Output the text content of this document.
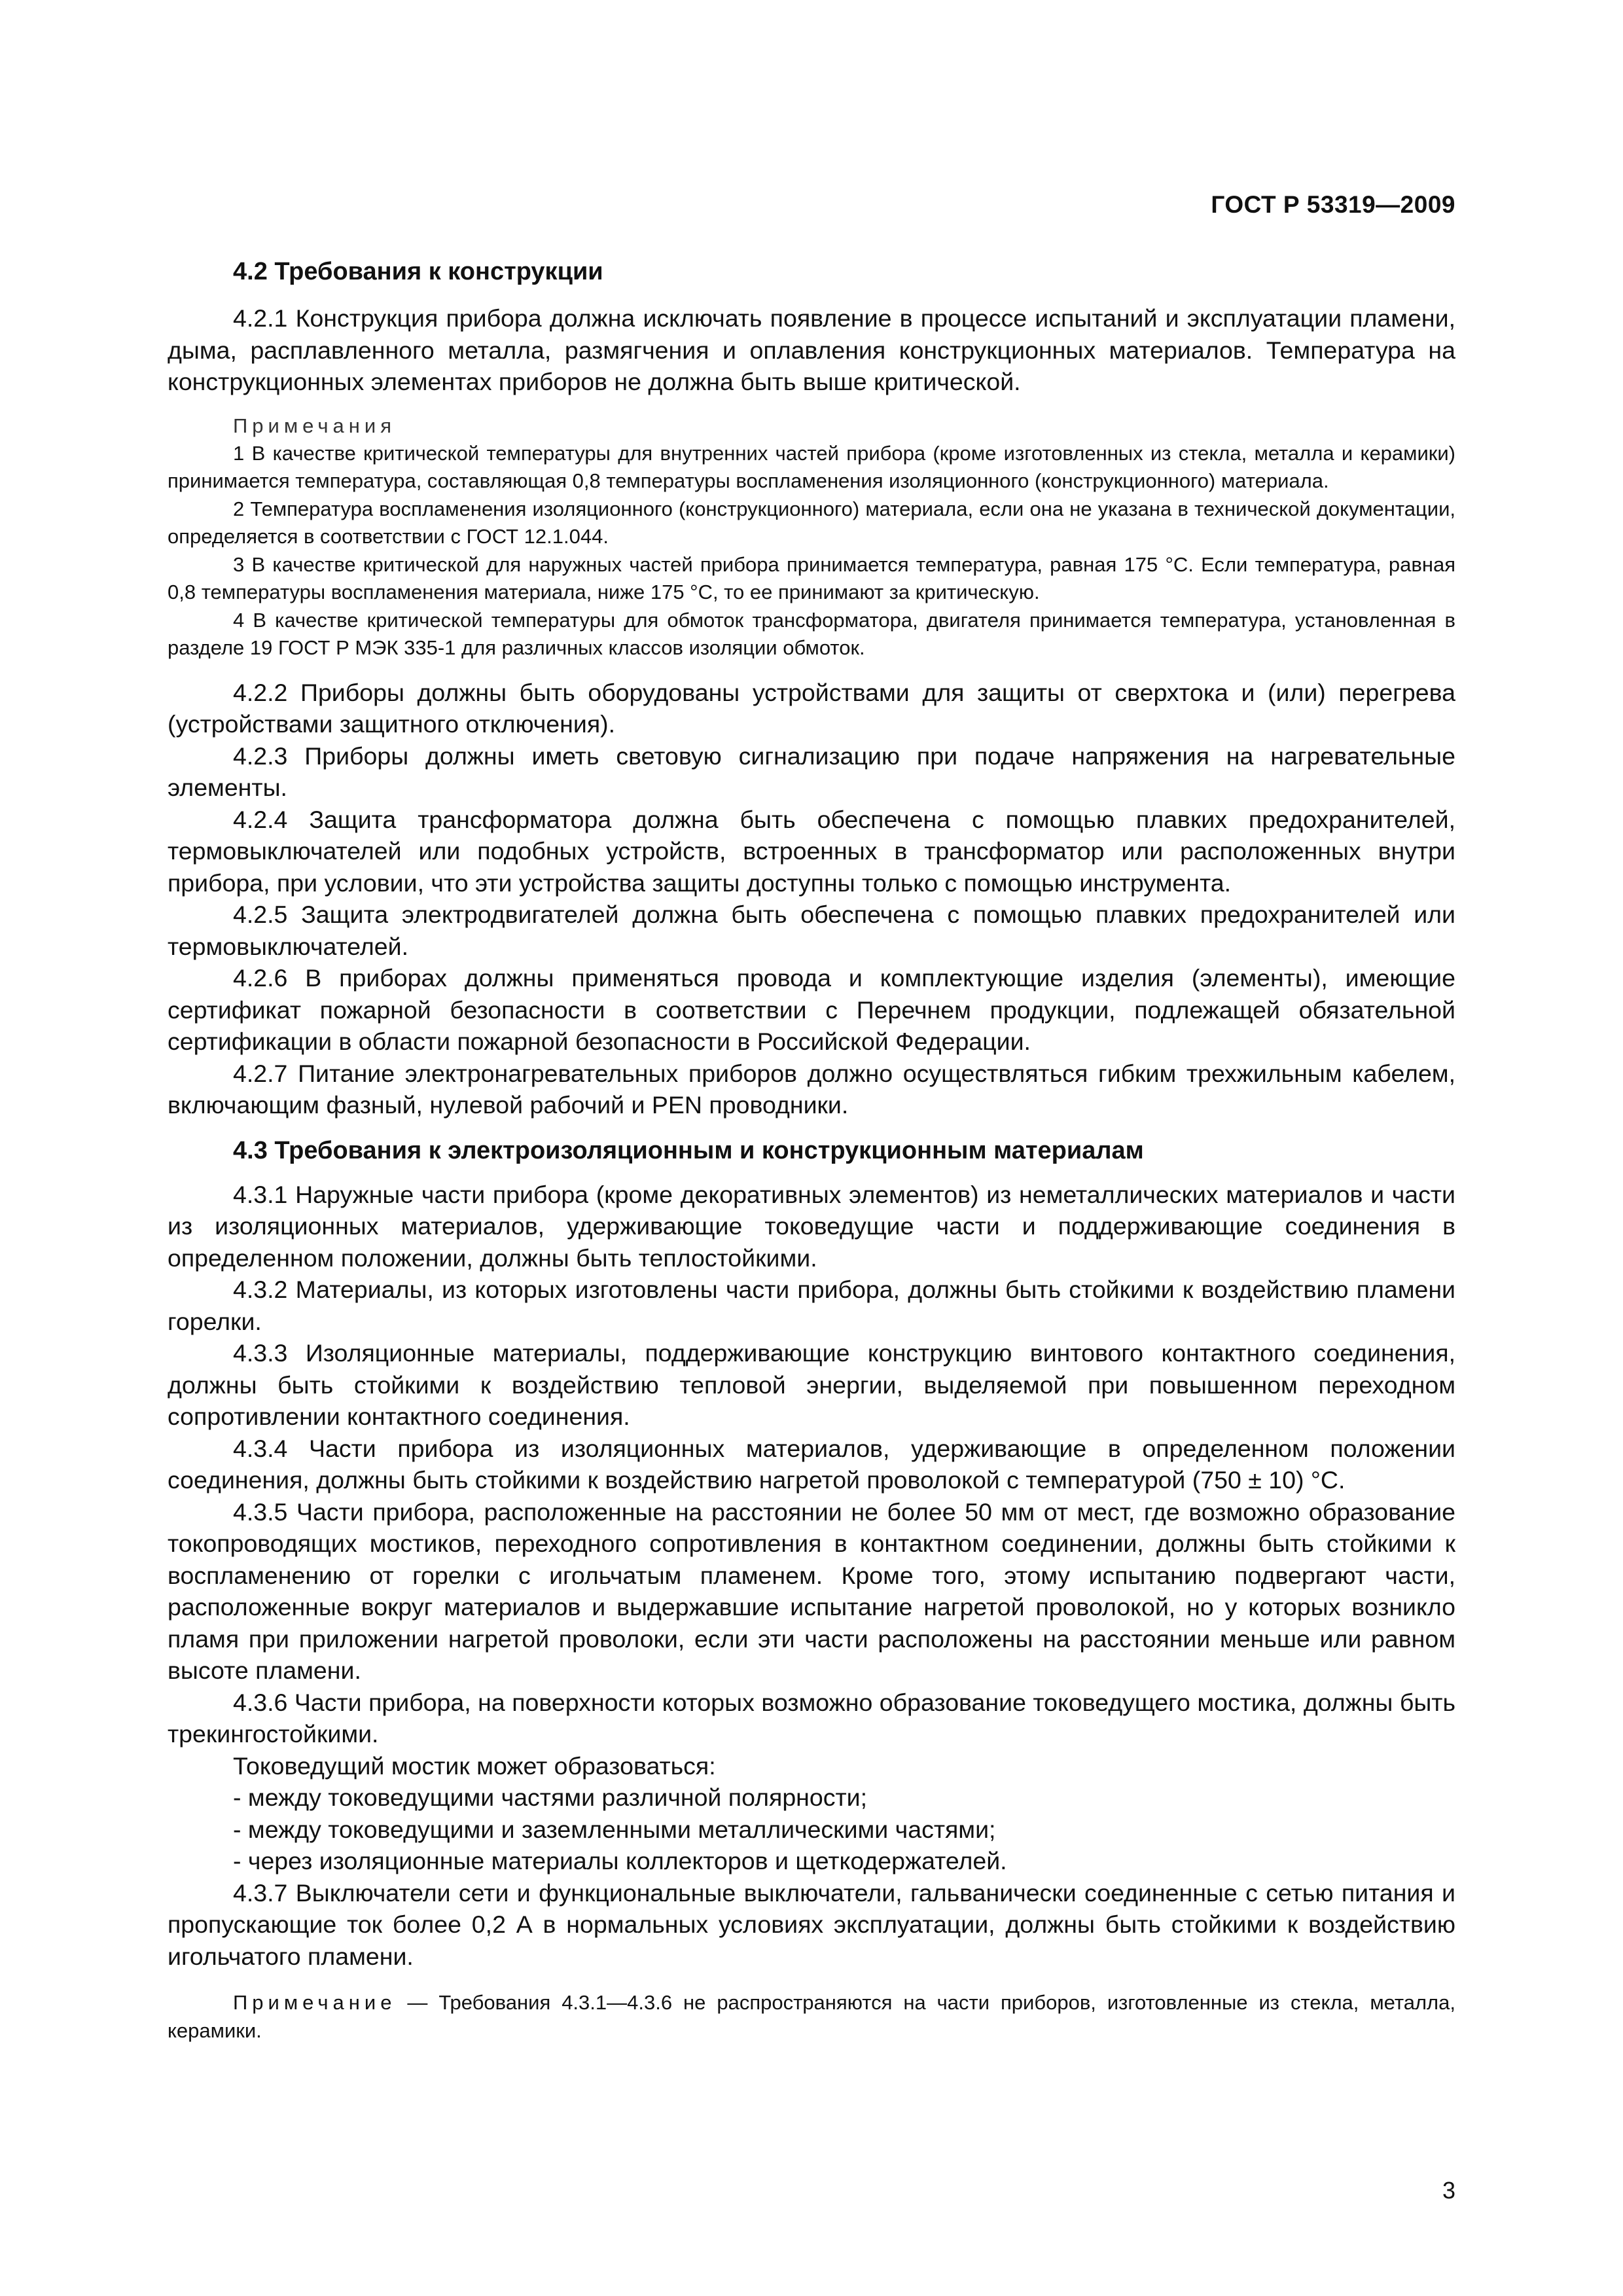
ГОСТ Р 53319—2009
4.2 Требования к конструкции

4.2.1 Конструкция прибора должна исключать появление в процессе испытаний и эксплуатации пламени, дыма, расплавленного металла, размягчения и оплавления конструкционных материалов. Температура на конструкционных элементах приборов не должна быть выше критической.

Примечания

1 В качестве критической температуры для внутренних частей прибора (кроме изготовленных из стекла, металла и керамики) принимается температура, составляющая 0,8 температуры воспламенения изоляционного (конструкционного) материала.

2 Температура воспламенения изоляционного (конструкционного) материала, если она не указана в технической документации, определяется в соответствии с ГОСТ 12.1.044.

3 В качестве критической для наружных частей прибора принимается температура, равная 175 °С. Если температура, равная 0,8 температуры воспламенения материала, ниже 175 °С, то ее принимают за критическую.

4 В качестве критической температуры для обмоток трансформатора, двигателя принимается температура, установленная в разделе 19 ГОСТ Р МЭК 335-1 для различных классов изоляции обмоток.

4.2.2 Приборы должны быть оборудованы устройствами для защиты от сверхтока и (или) перегрева (устройствами защитного отключения).

4.2.3 Приборы должны иметь световую сигнализацию при подаче напряжения на нагревательные элементы.

4.2.4 Защита трансформатора должна быть обеспечена с помощью плавких предохранителей, термовыключателей или подобных устройств, встроенных в трансформатор или расположенных внутри прибора, при условии, что эти устройства защиты доступны только с помощью инструмента.

4.2.5 Защита электродвигателей должна быть обеспечена с помощью плавких предохранителей или термовыключателей.

4.2.6 В приборах должны применяться провода и комплектующие изделия (элементы), имеющие сертификат пожарной безопасности в соответствии с Перечнем продукции, подлежащей обязательной сертификации в области пожарной безопасности в Российской Федерации.

4.2.7 Питание электронагревательных приборов должно осуществляться гибким трехжильным кабелем, включающим фазный, нулевой рабочий и PEN проводники.

4.3 Требования к электроизоляционным и конструкционным материалам

4.3.1 Наружные части прибора (кроме декоративных элементов) из неметаллических материалов и части из изоляционных материалов, удерживающие токоведущие части и поддерживающие соединения в определенном положении, должны быть теплостойкими.

4.3.2 Материалы, из которых изготовлены части прибора, должны быть стойкими к воздействию пламени горелки.

4.3.3 Изоляционные материалы, поддерживающие конструкцию винтового контактного соединения, должны быть стойкими к воздействию тепловой энергии, выделяемой при повышенном переходном сопротивлении контактного соединения.

4.3.4 Части прибора из изоляционных материалов, удерживающие в определенном положении соединения, должны быть стойкими к воздействию нагретой проволокой с температурой (750 ± 10) °С.

4.3.5 Части прибора, расположенные на расстоянии не более 50 мм от мест, где возможно образование токопроводящих мостиков, переходного сопротивления в контактном соединении, должны быть стойкими к воспламенению от горелки с игольчатым пламенем. Кроме того, этому испытанию подвергают части, расположенные вокруг материалов и выдержавшие испытание нагретой проволокой, но у которых возникло пламя при приложении нагретой проволоки, если эти части расположены на расстоянии меньше или равном высоте пламени.

4.3.6 Части прибора, на поверхности которых возможно образование токоведущего мостика, должны быть трекингостойкими.

Токоведущий мостик может образоваться:

- между токоведущими частями различной полярности;

- между токоведущими и заземленными металлическими частями;

- через изоляционные материалы коллекторов и щеткодержателей.

4.3.7 Выключатели сети и функциональные выключатели, гальванически соединенные с сетью питания и пропускающие ток более 0,2 А в нормальных условиях эксплуатации, должны быть стойкими к воздействию игольчатого пламени.

Примечание — Требования 4.3.1—4.3.6 не распространяются на части приборов, изготовленные из стекла, металла, керамики.

3
